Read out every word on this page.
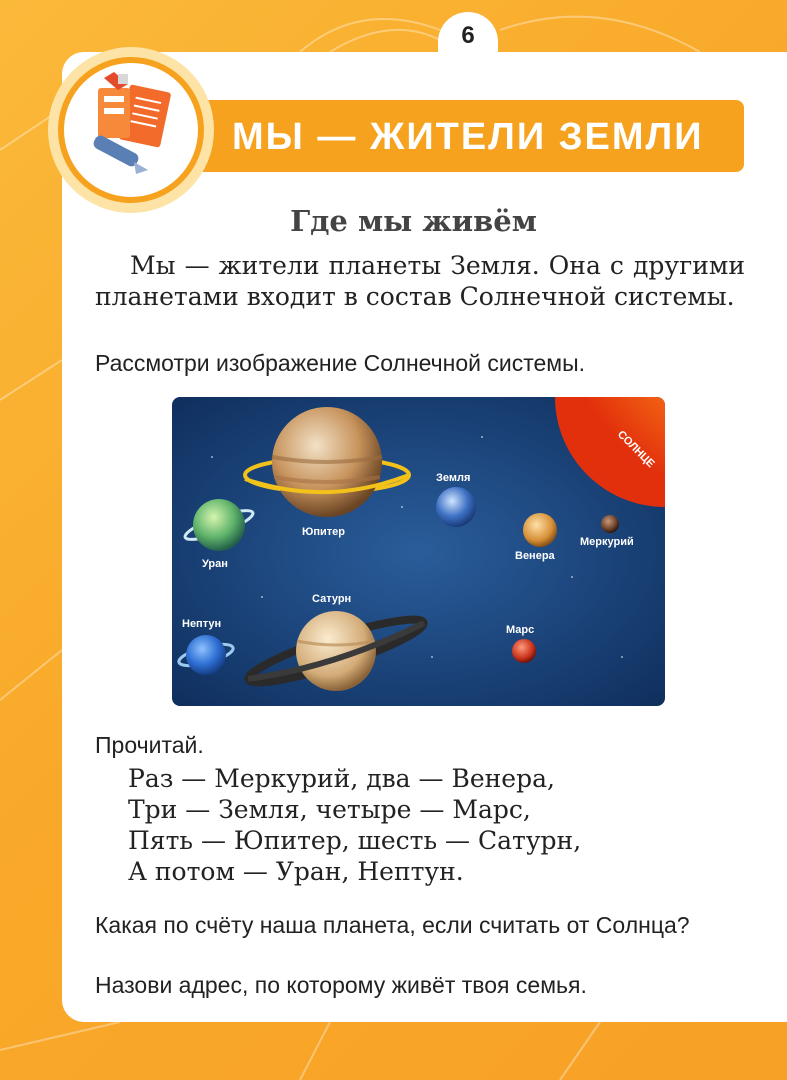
6
МЫ — ЖИТЕЛИ ЗЕМЛИ
Где мы живём

Мы — жители планеты Земля. Она с другими планетами входит в состав Солнечной системы.

Рассмотри изображение Солнечной системы.

СОЛНЦЕ
Юпитер
Земля
Венера
Меркурий
Уран
Сатурн
Нептун	Марс

Прочитай.

Раз — Меркурий, два — Венера,
Три — Земля, четыре — Марс,
Пять — Юпитер, шесть — Сатурн,
А потом — Уран, Нептун.

Какая по счёту наша планета, если считать от Солнца?

Назови адрес, по которому живёт твоя семья.
